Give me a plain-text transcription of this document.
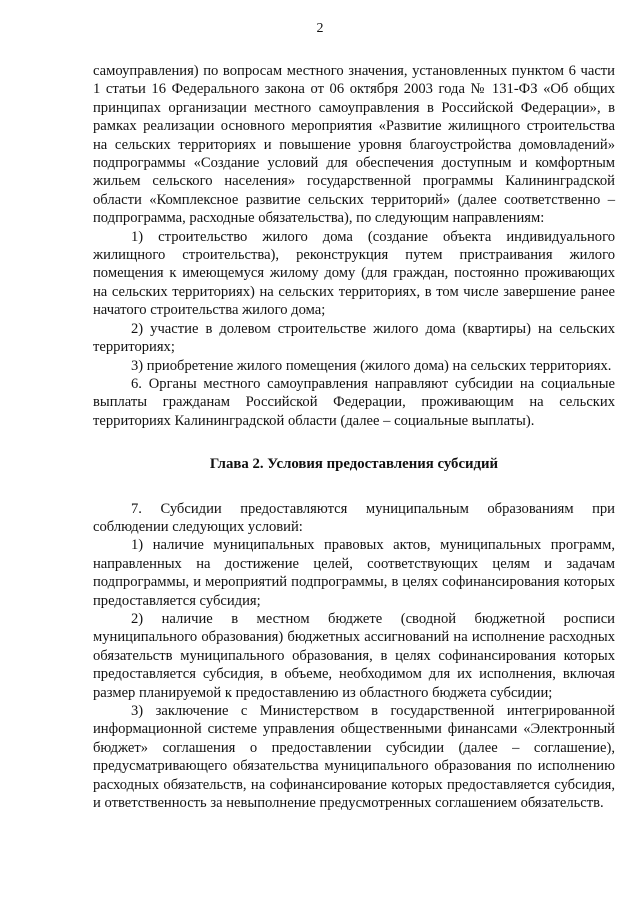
2

самоуправления) по вопросам местного значения, установленных пунктом 6 части 1 статьи 16 Федерального закона от 06 октября 2003 года № 131-ФЗ «Об общих принципах организации местного самоуправления в Российской Федерации», в рамках реализации основного мероприятия «Развитие жилищного строительства на сельских территориях и повышение уровня благоустройства домовладений» подпрограммы «Создание условий для обеспечения доступным и комфортным жильем сельского населения» государственной программы Калининградской области «Комплексное развитие сельских территорий» (далее соответственно – подпрограмма, расходные обязательства), по следующим направлениям:

1) строительство жилого дома (создание объекта индивидуального жилищного строительства), реконструкция путем пристраивания жилого помещения к имеющемуся жилому дому (для граждан, постоянно проживающих на сельских территориях) на сельских территориях, в том числе завершение ранее начатого строительства жилого дома;

2) участие в долевом строительстве жилого дома (квартиры) на сельских территориях;

3) приобретение жилого помещения (жилого дома) на сельских территориях.

6. Органы местного самоуправления направляют субсидии на социальные выплаты гражданам Российской Федерации, проживающим на сельских территориях Калининградской области (далее – социальные выплаты).

Глава 2. Условия предоставления субсидий

7. Субсидии предоставляются муниципальным образованиям при соблюдении следующих условий:

1) наличие муниципальных правовых актов, муниципальных программ, направленных на достижение целей, соответствующих целям и задачам подпрограммы, и мероприятий подпрограммы, в целях софинансирования которых предоставляется субсидия;

2) наличие в местном бюджете (сводной бюджетной росписи муниципального образования) бюджетных ассигнований на исполнение расходных обязательств муниципального образования, в целях софинансирования которых предоставляется субсидия, в объеме, необходимом для их исполнения, включая размер планируемой к предоставлению из областного бюджета субсидии;

3) заключение с Министерством в государственной интегрированной информационной системе управления общественными финансами «Электронный бюджет» соглашения о предоставлении субсидии (далее – соглашение), предусматривающего обязательства муниципального образования по исполнению расходных обязательств, на софинансирование которых предоставляется субсидия, и ответственность за невыполнение предусмотренных соглашением обязательств.
